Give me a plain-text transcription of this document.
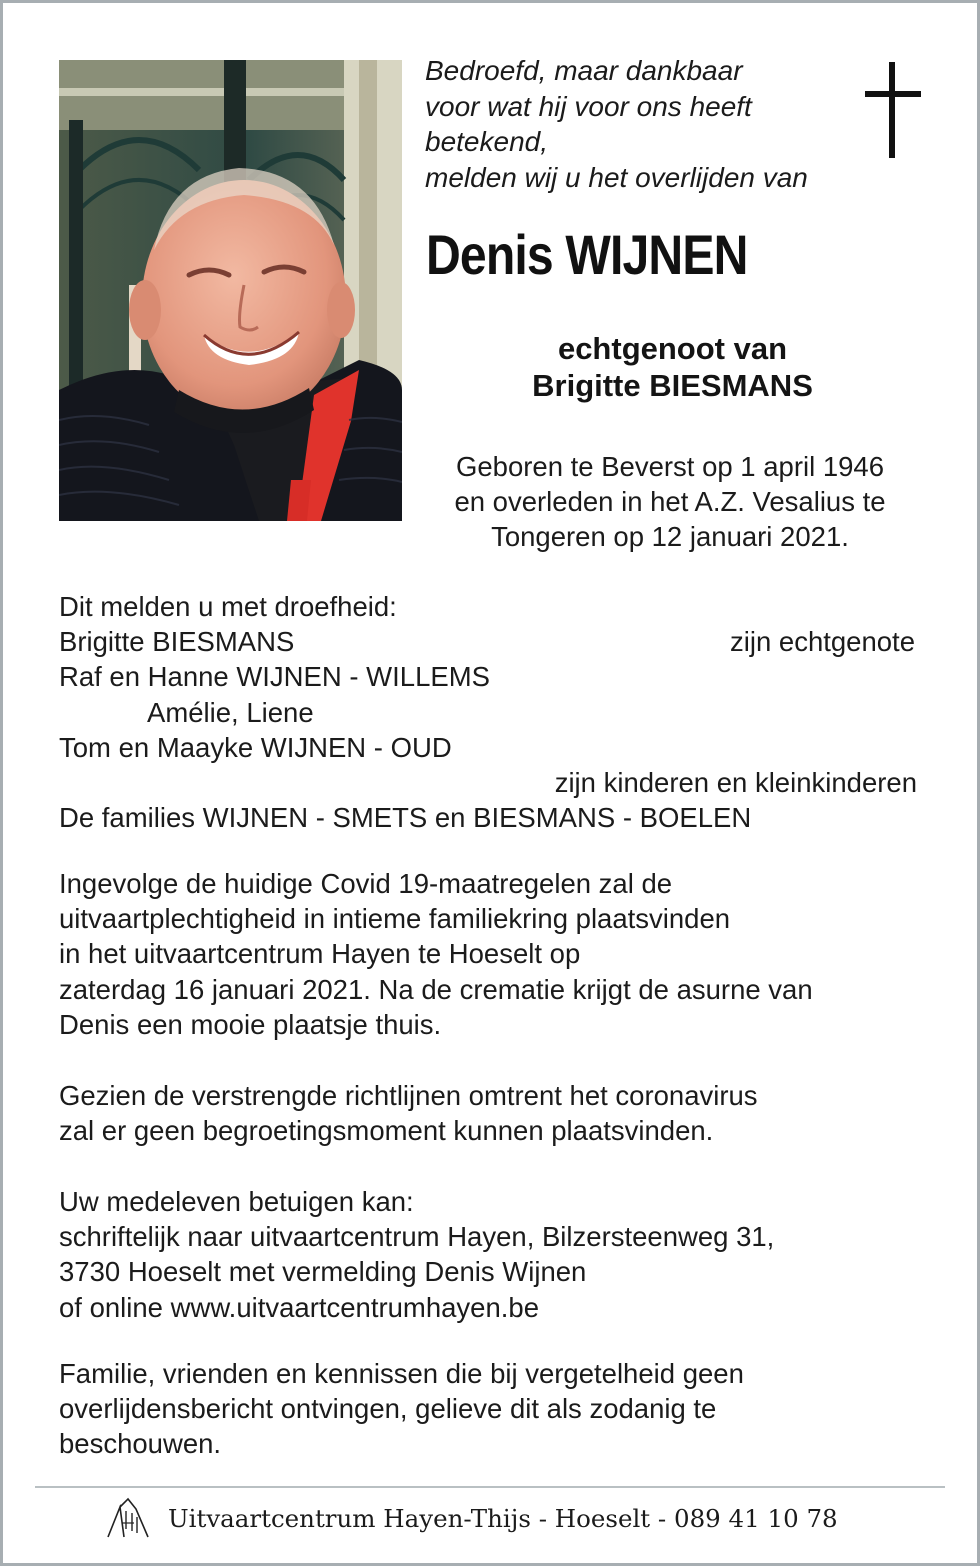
Bedroefd, maar dankbaar
voor wat hij voor ons heeft
betekend,
melden wij u het overlijden van
Denis WIJNEN
echtgenoot van
Brigitte BIESMANS
Geboren te Beverst op 1 april 1946
en overleden in het A.Z. Vesalius te
Tongeren op 12 januari 2021.
Dit melden u met droefheid:
Brigitte BIESMANS	zijn echtgenote
Raf en Hanne WIJNEN - WILLEMS
Amélie, Liene
Tom en Maayke WIJNEN - OUD
zijn kinderen en kleinkinderen
De families WIJNEN - SMETS en BIESMANS - BOELEN
Ingevolge de huidige Covid 19-maatregelen zal de
uitvaartplechtigheid in intieme familiekring plaatsvinden
in het uitvaartcentrum Hayen te Hoeselt op
zaterdag 16 januari 2021. Na de crematie krijgt de asurne van
Denis een mooie plaatsje thuis.
Gezien de verstrengde richtlijnen omtrent het coronavirus
zal er geen begroetingsmoment kunnen plaatsvinden.
Uw medeleven betuigen kan:
schriftelijk naar uitvaartcentrum Hayen, Bilzersteenweg 31,
3730 Hoeselt met vermelding Denis Wijnen
of online www.uitvaartcentrumhayen.be
Familie, vrienden en kennissen die bij vergetelheid geen
overlijdensbericht ontvingen, gelieve dit als zodanig te
beschouwen.
Uitvaartcentrum Hayen-Thijs - Hoeselt - 089 41 10 78
